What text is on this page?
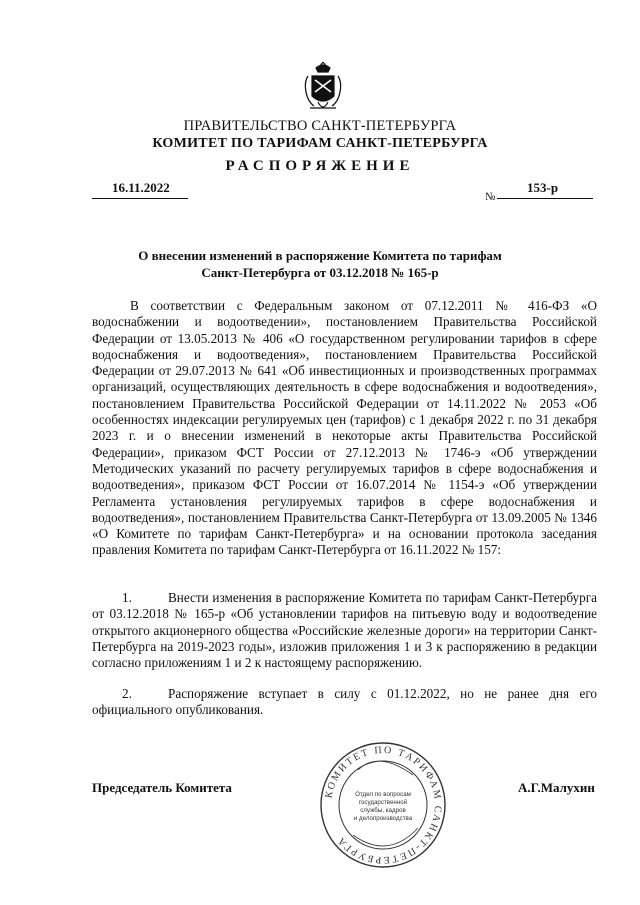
ПРАВИТЕЛЬСТВО САНКТ-ПЕТЕРБУРГА
КОМИТЕТ ПО ТАРИФАМ САНКТ-ПЕТЕРБУРГА
РАСПОРЯЖЕНИЕ
16.11.2022
№
153-р
О внесении изменений в распоряжение Комитета по тарифам
Санкт-Петербурга от 03.12.2018 № 165-р

В соответствии с Федеральным законом от 07.12.2011 № 416-ФЗ «О водоснабжении и водоотведении», постановлением Правительства Российской Федерации от 13.05.2013 № 406 «О государственном регулировании тарифов в сфере водоснабжения и водоотведения», постановлением Правительства Российской Федерации от 29.07.2013 № 641 «Об инвестиционных и производственных программах организаций, осуществляющих деятельность в сфере водоснабжения и водоотведения», постановлением Правительства Российской Федерации от 14.11.2022 № 2053 «Об особенностях индексации регулируемых цен (тарифов) с 1 декабря 2022 г. по 31 декабря 2023 г. и о внесении изменений в некоторые акты Правительства Российской Федерации», приказом ФСТ России от 27.12.2013 № 1746-э «Об утверждении Методических указаний по расчету регулируемых тарифов в сфере водоснабжения и водоотведения», приказом ФСТ России от 16.07.2014 № 1154-э «Об утверждении Регламента установления регулируемых тарифов в сфере водоснабжения и водоотведения», постановлением Правительства Санкт-Петербурга от 13.09.2005 № 1346 «О Комитете по тарифам Санкт-Петербурга» и на основании протокола заседания правления Комитета по тарифам Санкт-Петербурга от 16.11.2022 № 157:

1.	Внести изменения в распоряжение Комитета по тарифам Санкт-Петербурга от 03.12.2018 № 165-р «Об установлении тарифов на питьевую воду и водоотведение открытого акционерного общества «Российские железные дороги» на территории Санкт-Петербурга на 2019-2023 годы», изложив приложения 1 и 3 к распоряжению в редакции согласно приложениям 1 и 2 к настоящему распоряжению.

2.	Распоряжение вступает в силу с 01.12.2022, но не ранее дня его официального опубликования.

Председатель Комитета	А.Г.Малухин
КОМИТЕТ ПО ТАРИФАМ САНКТ-ПЕТЕРБУРГА
Отдел по вопросам
государственной
службы, кадров
и делопроизводства
